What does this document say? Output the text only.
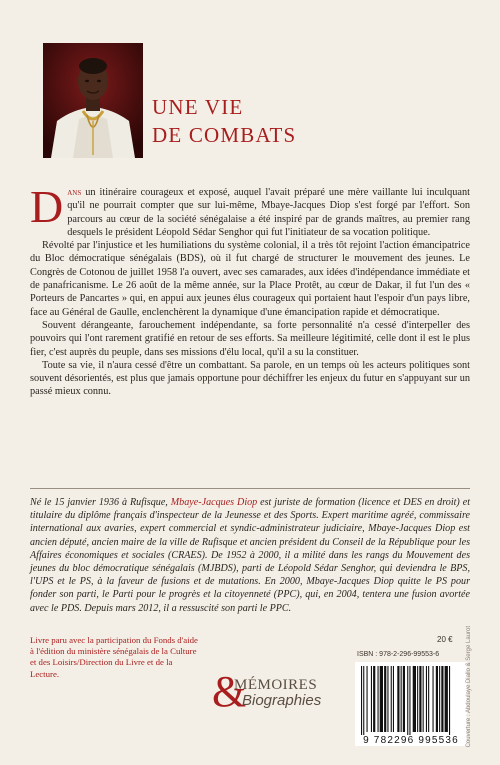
UNE VIE
DE COMBATS

Dans un itinéraire courageux et exposé, auquel l'avait préparé une mère vaillante lui inculquant qu'il ne pourrait compter que sur lui-même, Mbaye-Jacques Diop s'est forgé par l'effort. Son parcours au cœur de la société sénégalaise a été inspiré par de grands maîtres, au premier rang desquels le président Léopold Sédar Senghor qui fut l'initiateur de sa vocation politique.

Révolté par l'injustice et les humiliations du système colonial, il a très tôt rejoint l'action émancipatrice du Bloc démocratique sénégalais (BDS), où il fut chargé de structurer le mouvement des jeunes. Le Congrès de Cotonou de juillet 1958 l'a ouvert, avec ses camarades, aux idées d'indépendance immédiate et de panafricanisme. Le 26 août de la même année, sur la Place Protêt, au cœur de Dakar, il fut l'un des « Porteurs de Pancartes » qui, en appui aux jeunes élus courageux qui portaient haut l'espoir d'un pays libre, face au Général de Gaulle, enclenchèrent la dynamique d'une émancipation rapide et démocratique.

Souvent dérangeante, farouchement indépendante, sa forte personnalité n'a cessé d'interpeller des pouvoirs qui l'ont rarement gratifié en retour de ses efforts. Sa meilleure légitimité, celle dont il est le plus fier, c'est auprès du peuple, dans ses missions d'élu local, qu'il a su la constituer.

Toute sa vie, il n'aura cessé d'être un combattant. Sa parole, en un temps où les acteurs politiques sont souvent désorientés, est plus que jamais opportune pour déchiffrer les enjeux du futur en s'appuyant sur un passé mieux connu.

Né le 15 janvier 1936 à Rufisque, Mbaye-Jacques Diop est juriste de formation (licence et DES en droit) et titulaire du diplôme français d'inspecteur de la Jeunesse et des Sports. Expert maritime agréé, commissaire international aux avaries, expert commercial et syndic-administrateur judiciaire, Mbaye-Jacques Diop est ancien député, ancien maire de la ville de Rufisque et ancien président du Conseil de la République pour les Affaires économiques et sociales (CRAES). De 1952 à 2000, il a milité dans les rangs du Mouvement des jeunes du bloc démocratique sénégalais (MJBDS), parti de Léopold Sédar Senghor, qui deviendra le BPS, l'UPS et le PS, à la faveur de fusions et de mutations. En 2000, Mbaye-Jacques Diop quitte le PS pour fonder son parti, le Parti pour le progrès et la citoyenneté (PPC), qui, en 2004, tentera une fusion avortée avec le PDS. Depuis mars 2012, il a ressuscité son parti le PPC.
Livre paru avec la participation du Fonds d'aide à l'édition du ministère sénégalais de la Culture et des Loisirs/Direction du Livre et de la Lecture.	&
MÉMOIRES
Biographies
20 €
ISBN : 978-2-296-99553-6
9 782296 995536	Couverture : Abdoulaye Diallo & Serge Laurot
